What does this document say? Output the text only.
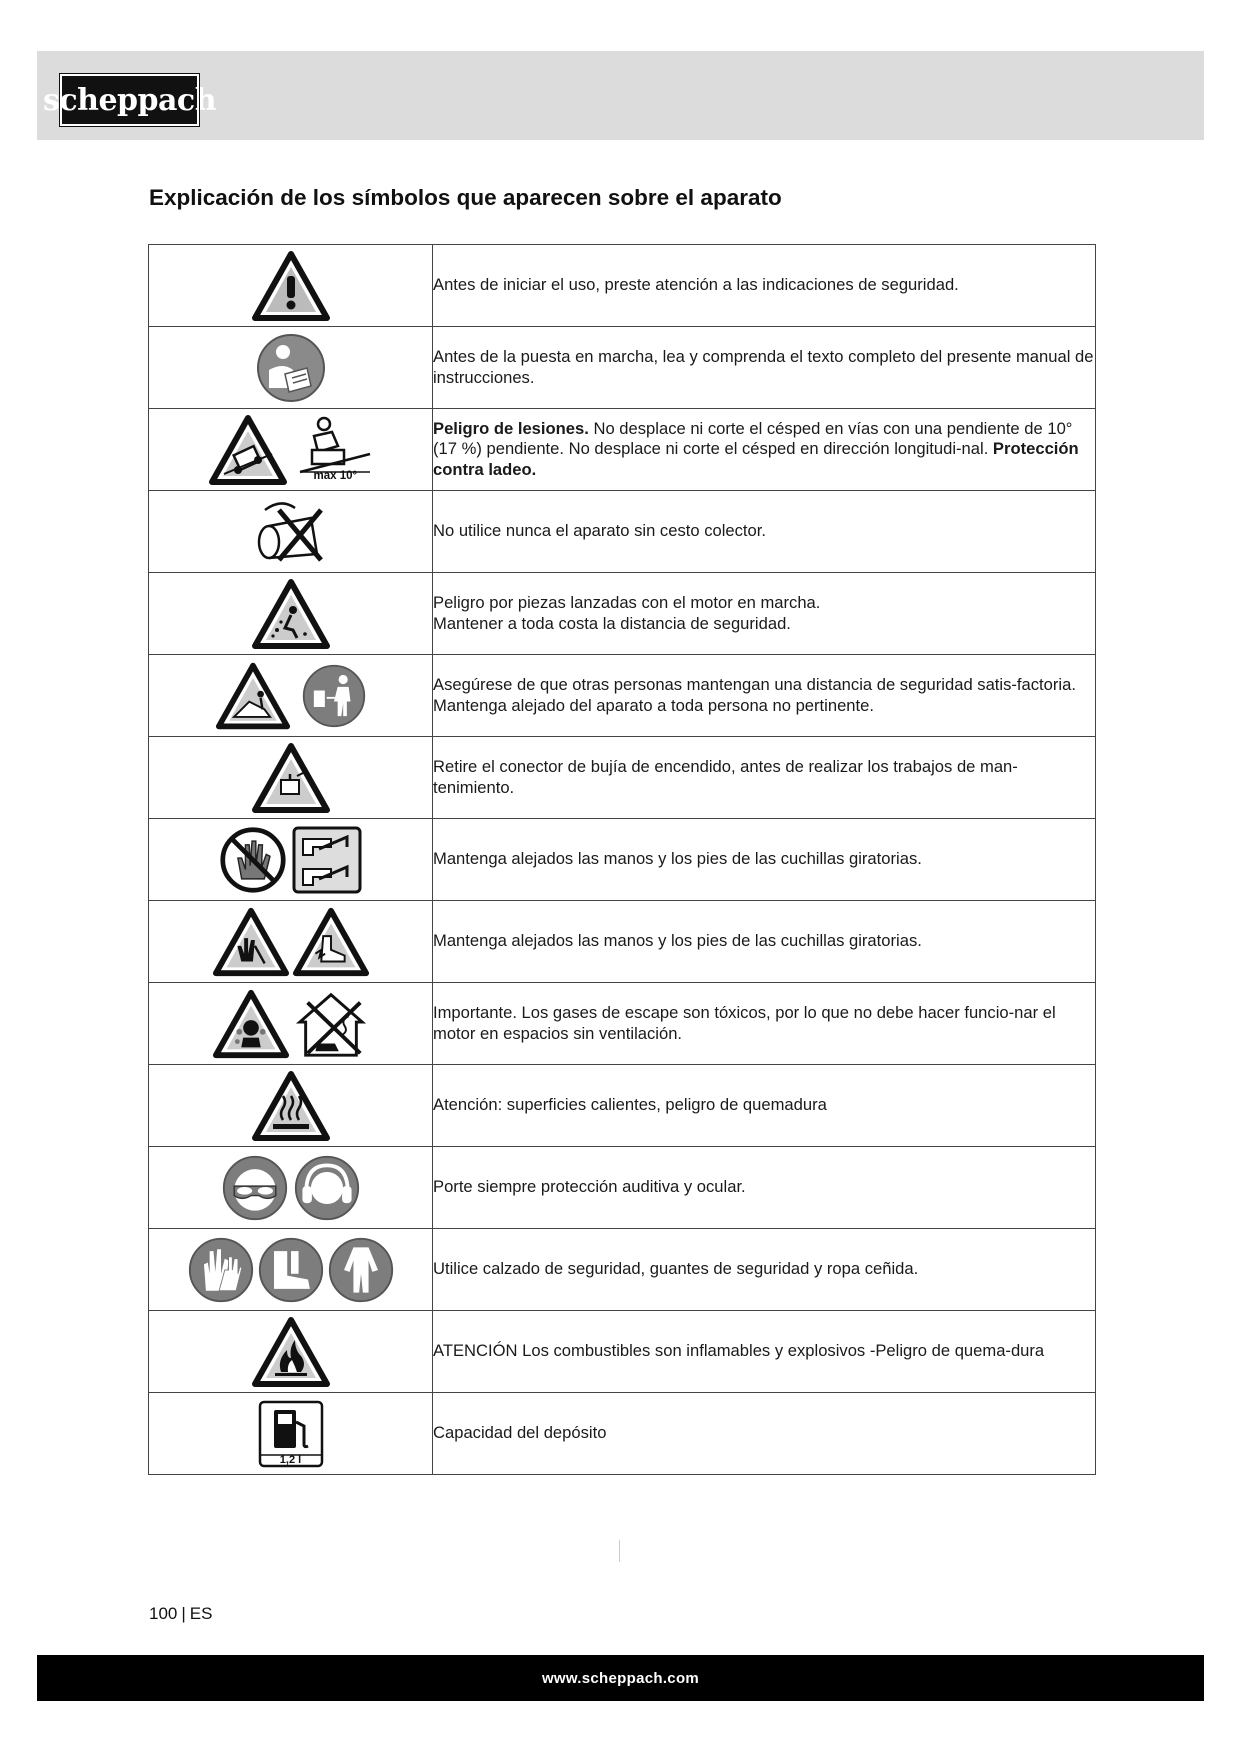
scheppach
Explicación de los símbolos que aparecen sobre el aparato
	Antes de iniciar el uso, preste atención a las indicaciones de seguridad.

	Antes de la puesta en marcha, lea y comprenda el texto completo del presente manual de instrucciones.

max 10°	Peligro de lesiones. No desplace ni corte el césped en vías con una pendiente de 10° (17 %) pendiente. No desplace ni corte el césped en dirección longitudi-nal. Protección contra ladeo.

	No utilice nunca el aparato sin cesto colector.

	Peligro por piezas lanzadas con el motor en marcha.
Mantener a toda costa la distancia de seguridad.

	Asegúrese de que otras personas mantengan una distancia de seguridad satis-factoria. Mantenga alejado del aparato a toda persona no pertinente.

	Retire el conector de bujía de encendido, antes de realizar los trabajos de man-tenimiento.

	Mantenga alejados las manos y los pies de las cuchillas giratorias.

	Mantenga alejados las manos y los pies de las cuchillas giratorias.

	Importante. Los gases de escape son tóxicos, por lo que no debe hacer funcio-nar el motor en espacios sin ventilación.

	Atención: superficies calientes, peligro de quemadura

	Porte siempre protección auditiva y ocular.

	Utilice calzado de seguridad, guantes de seguridad y ropa ceñida.

	ATENCIÓN Los combustibles son inflamables y explosivos -Peligro de quema-dura

1,2 l	Capacidad del depósito
100 | ES
www.scheppach.com
